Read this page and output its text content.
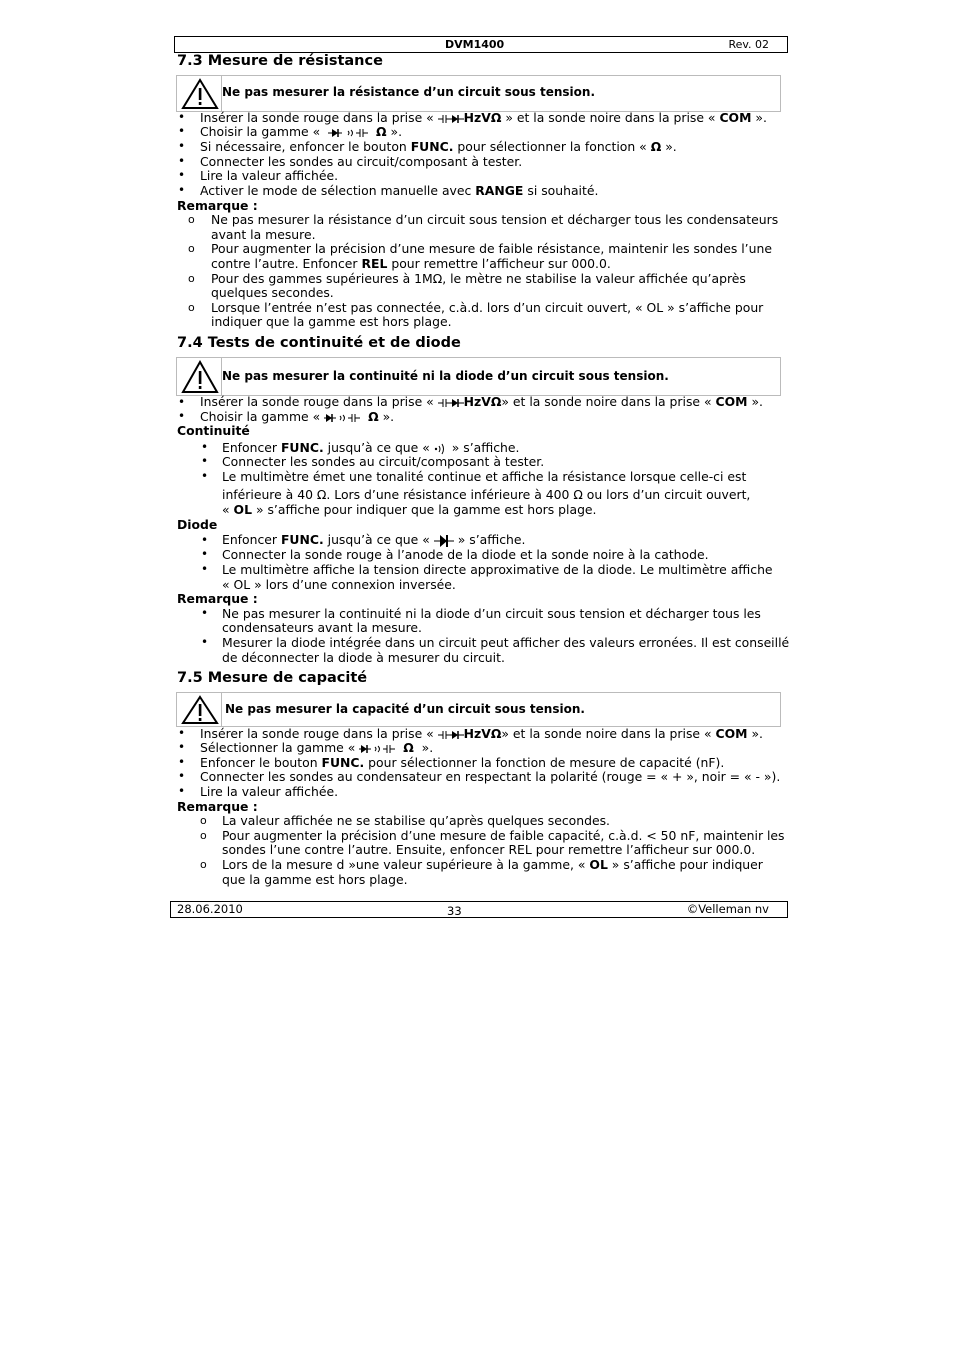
DVM1400	Rev. 02
7.3 Mesure de résistance
Ne pas mesurer la résistance d’un circuit sous tension.
• Insérer la sonde rouge dans la prise « HzVΩ » et la sonde noire dans la prise « COM ».
• Choisir la gamme «	Ω ».
• Si nécessaire, enfoncer le bouton FUNC. pour sélectionner la fonction « Ω ».
• Connecter les sondes au circuit/composant à tester.
• Lire la valeur affichée.
• Activer le mode de sélection manuelle avec RANGE si souhaité.
Remarque :
o Ne pas mesurer la résistance d’un circuit sous tension et décharger tous les condensateurs
avant la mesure.
o Pour augmenter la précision d’une mesure de faible résistance, maintenir les sondes l’une
contre l’autre. Enfoncer REL pour remettre l’afficheur sur 000.0.
o Pour des gammes supérieures à 1MΩ, le mètre ne stabilise la valeur affichée qu’après
quelques secondes.
o Lorsque l’entrée n’est pas connectée, c.à.d. lors d’un circuit ouvert, « OL » s’affiche pour
indiquer que la gamme est hors plage.
7.4 Tests de continuité et de diode
Ne pas mesurer la continuité ni la diode d’un circuit sous tension.
• Insérer la sonde rouge dans la prise « HzVΩ» et la sonde noire dans la prise « COM ».
• Choisir la gamme «	Ω ».
Continuité
• Enfoncer FUNC. jusqu’à ce que « » s’affiche.
• Connecter les sondes au circuit/composant à tester.
• Le multimètre émet une tonalité continue et affiche la résistance lorsque celle-ci est
inférieure à 40 Ω. Lors d’une résistance inférieure à 400 Ω ou lors d’un circuit ouvert,
« OL » s’affiche pour indiquer que la gamme est hors plage.
Diode
• Enfoncer FUNC. jusqu’à ce que « » s’affiche.
• Connecter la sonde rouge à l’anode de la diode et la sonde noire à la cathode.
• Le multimètre affiche la tension directe approximative de la diode. Le multimètre affiche
« OL » lors d’une connexion inversée.
Remarque :
• Ne pas mesurer la continuité ni la diode d’un circuit sous tension et décharger tous les
condensateurs avant la mesure.
• Mesurer la diode intégrée dans un circuit peut afficher des valeurs erronées. Il est conseillé
de déconnecter la diode à mesurer du circuit.
7.5 Mesure de capacité
Ne pas mesurer la capacité d’un circuit sous tension.
• Insérer la sonde rouge dans la prise « HzVΩ» et la sonde noire dans la prise « COM ».
• Sélectionner la gamme «	Ω ».
• Enfoncer le bouton FUNC. pour sélectionner la fonction de mesure de capacité (nF).
• Connecter les sondes au condensateur en respectant la polarité (rouge = « + », noir = « - »).
• Lire la valeur affichée.
Remarque :
o La valeur affichée ne se stabilise qu’après quelques secondes.
o Pour augmenter la précision d’une mesure de faible capacité, c.à.d. < 50 nF, maintenir les
sondes l’une contre l’autre. Ensuite, enfoncer REL pour remettre l’afficheur sur 000.0.
o Lors de la mesure d »une valeur supérieure à la gamme, « OL » s’affiche pour indiquer
que la gamme est hors plage.
28.06.2010	33	©Velleman nv
